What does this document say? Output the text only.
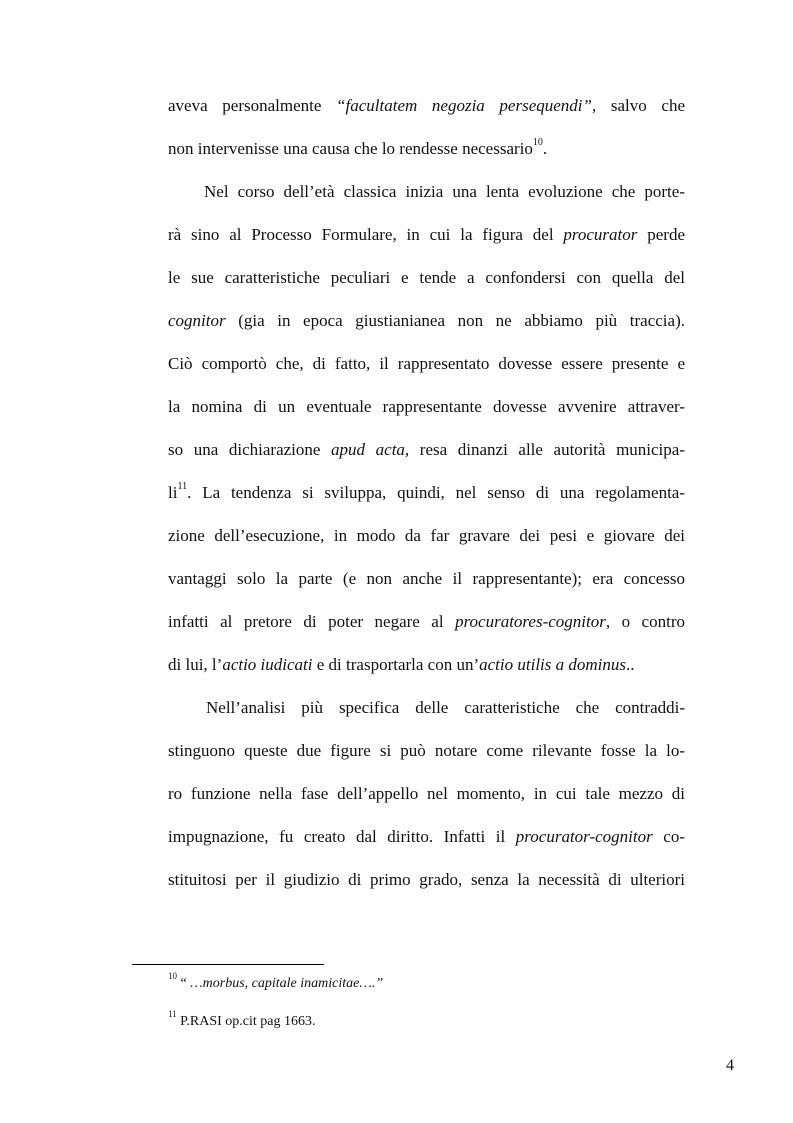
aveva personalmente “facultatem negozia persequendi”, salvo che
non intervenisse una causa che lo rendesse necessario$^{10}$.
Nel corso dell’età classica inizia una lenta evoluzione che porte-
rà sino al Processo Formulare, in cui la figura del procurator perde
le sue caratteristiche peculiari e tende a confondersi con quella del
cognitor (gia in epoca giustianianea non ne abbiamo più traccia).
Ciò comportò che, di fatto, il rappresentato dovesse essere presente e
la nomina di un eventuale rappresentante dovesse avvenire attraver-
so una dichiarazione apud acta, resa dinanzi alle autorità municipa-
$li^{11}$. La tendenza si sviluppa, quindi, nel senso di una regolamenta-
zione dell’esecuzione, in modo da far gravare dei pesi e giovare dei
vantaggi solo la parte (e non anche il rappresentante); era concesso
infatti al pretore di poter negare al procuratores-cognitor, o contro
di lui, l’actio iudicati e di trasportarla con un’actio utilis a dominus..
Nell’analisi più specifica delle caratteristiche che contraddi-
stinguono queste due figure si può notare come rilevante fosse la lo-
ro funzione nella fase dell’appello nel momento, in cui tale mezzo di
impugnazione, fu creato dal diritto. Infatti il procurator-cognitor co-
stituitosi per il giudizio di primo grado, senza la necessità di ulteriori
$^{10}$ “ …morbus, capitale inamicitae….”
$^{11}$ P.RASI op.cit pag 1663.
4
